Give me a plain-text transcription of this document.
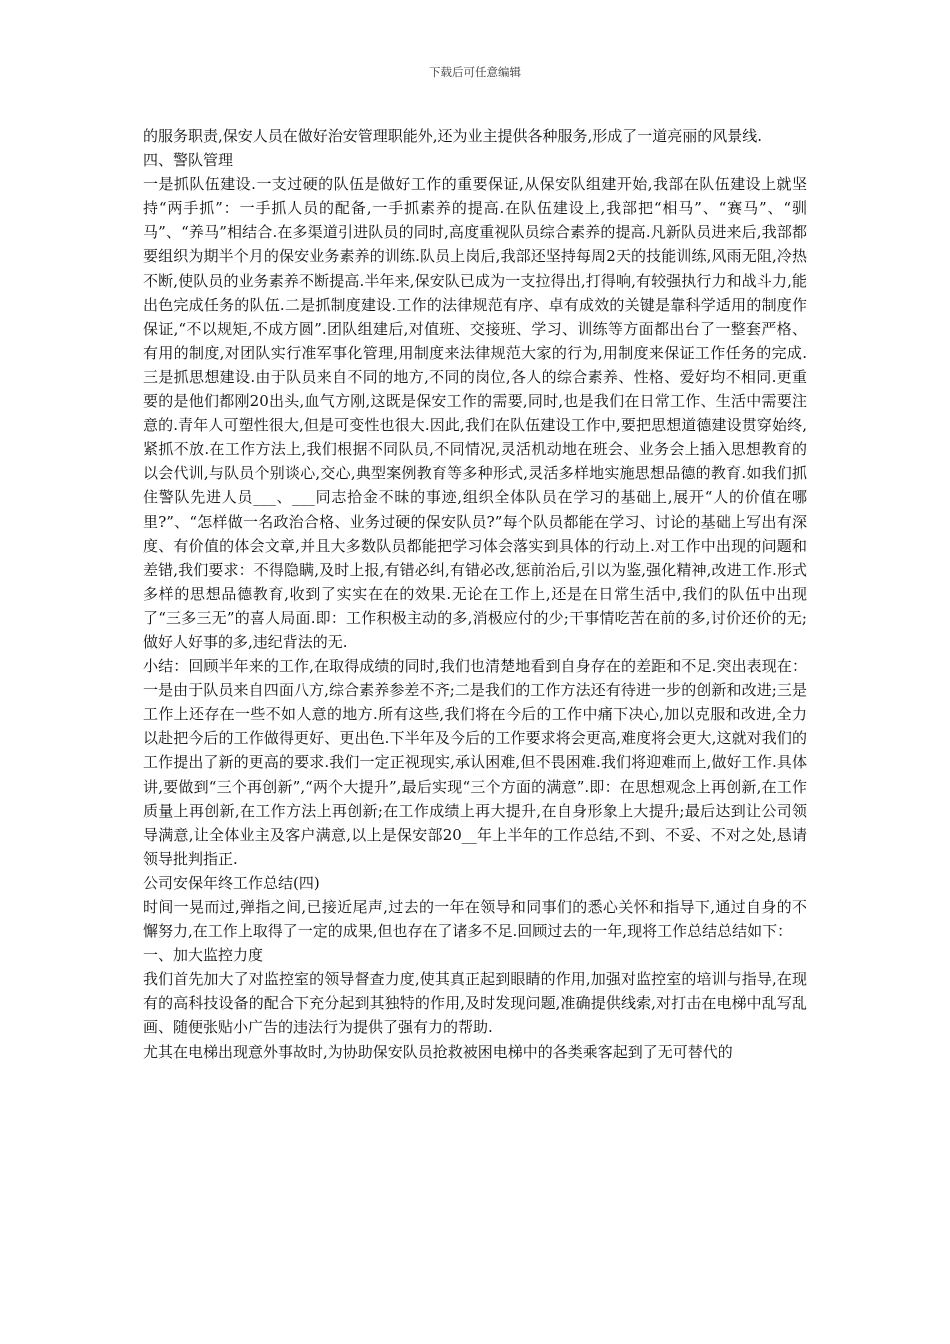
下载后可任意编辑

的服务职责,保安人员在做好治安管理职能外,还为业主提供各种服务,形成了一道亮丽的风景线.

四、警队管理

一是抓队伍建设.一支过硬的队伍是做好工作的重要保证,从保安队组建开始,我部在队伍建设上就坚持“两手抓”：一手抓人员的配备,一手抓素养的提高.在队伍建设上,我部把“相马”、“赛马”、“驯马”、“养马”相结合.在多渠道引进队员的同时,高度重视队员综合素养的提高.凡新队员进来后,我部都要组织为期半个月的保安业务素养的训练.队员上岗后,我部还坚持每周2天的技能训练,风雨无阻,冷热不断,使队员的业务素养不断提高.半年来,保安队已成为一支拉得出,打得响,有较强执行力和战斗力,能出色完成任务的队伍.二是抓制度建设.工作的法律规范有序、卓有成效的关键是靠科学适用的制度作保证,“不以规矩,不成方圆”.团队组建后,对值班、交接班、学习、训练等方面都出台了一整套严格、有用的制度,对团队实行准军事化管理,用制度来法律规范大家的行为,用制度来保证工作任务的完成.三是抓思想建设.由于队员来自不同的地方,不同的岗位,各人的综合素养、性格、爱好均不相同.更重要的是他们都刚20出头,血气方刚,这既是保安工作的需要,同时,也是我们在日常工作、生活中需要注意的.青年人可塑性很大,但是可变性也很大.因此,我们在队伍建设工作中,要把思想道德建设贯穿始终,紧抓不放.在工作方法上,我们根据不同队员,不同情况,灵活机动地在班会、业务会上插入思想教育的以会代训,与队员个别谈心,交心,典型案例教育等多种形式,灵活多样地实施思想品德的教育.如我们抓住警队先进人员___、___同志拾金不昧的事迹,组织全体队员在学习的基础上,展开“人的价值在哪里?”、“怎样做一名政治合格、业务过硬的保安队员?”每个队员都能在学习、讨论的基础上写出有深度、有价值的体会文章,并且大多数队员都能把学习体会落实到具体的行动上.对工作中出现的问题和差错,我们要求：不得隐瞒,及时上报,有错必纠,有错必改,惩前治后,引以为鉴,强化精神,改进工作.形式多样的思想品德教育,收到了实实在在的效果.无论在工作上,还是在日常生活中,我们的队伍中出现了“三多三无”的喜人局面.即：工作积极主动的多,消极应付的少;干事情吃苦在前的多,讨价还价的无;做好人好事的多,违纪背法的无.

小结：回顾半年来的工作,在取得成绩的同时,我们也清楚地看到自身存在的差距和不足.突出表现在：一是由于队员来自四面八方,综合素养参差不齐;二是我们的工作方法还有待进一步的创新和改进;三是工作上还存在一些不如人意的地方.所有这些,我们将在今后的工作中痛下决心,加以克服和改进,全力以赴把今后的工作做得更好、更出色.下半年及今后的工作要求将会更高,难度将会更大,这就对我们的工作提出了新的更高的要求.我们一定正视现实,承认困难,但不畏困难.我们将迎难而上,做好工作.具体讲,要做到“三个再创新”,“两个大提升”,最后实现“三个方面的满意”.即：在思想观念上再创新,在工作质量上再创新,在工作方法上再创新;在工作成绩上再大提升,在自身形象上大提升;最后达到让公司领导满意,让全体业主及客户满意,以上是保安部20__年上半年的工作总结,不到、不妥、不对之处,恳请领导批判指正.

公司安保年终工作总结(四)

时间一晃而过,弹指之间,已接近尾声,过去的一年在领导和同事们的悉心关怀和指导下,通过自身的不懈努力,在工作上取得了一定的成果,但也存在了诸多不足.回顾过去的一年,现将工作总结总结如下：

一、加大监控力度

我们首先加大了对监控室的领导督查力度,使其真正起到眼睛的作用,加强对监控室的培训与指导,在现有的高科技设备的配合下充分起到其独特的作用,及时发现问题,准确提供线索,对打击在电梯中乱写乱画、随便张贴小广告的违法行为提供了强有力的帮助.

尤其在电梯出现意外事故时,为协助保安队员抢救被困电梯中的各类乘客起到了无可替代的
